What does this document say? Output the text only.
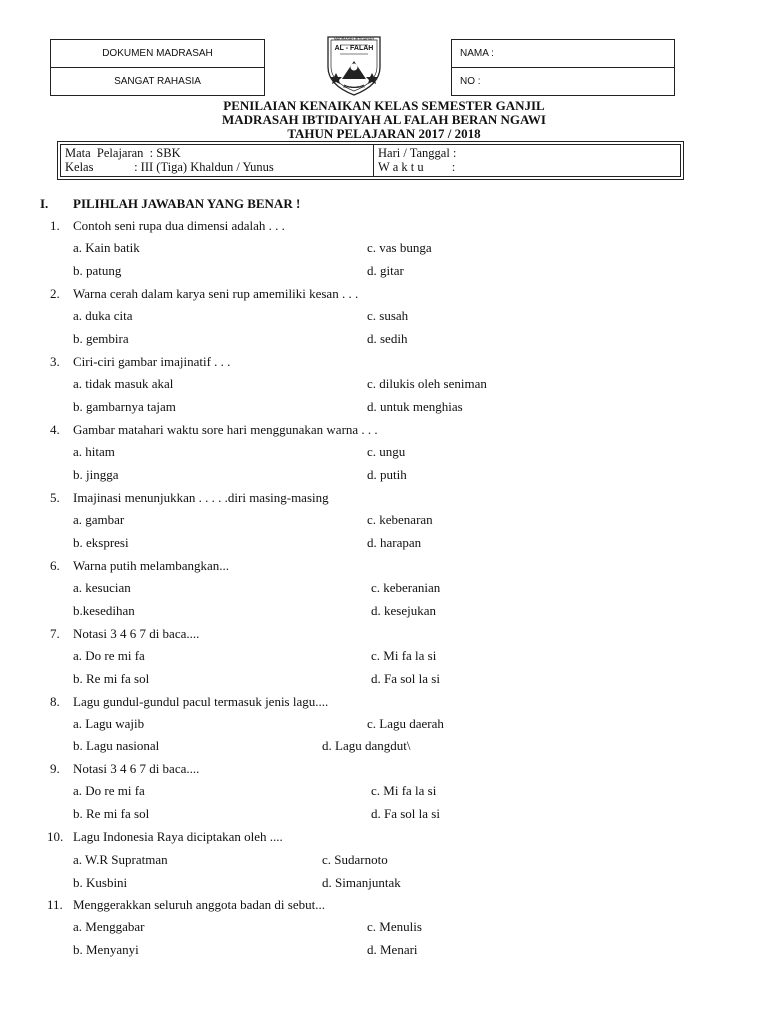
DOKUMEN MADRASAH
SANGAT RAHASIA
NAMA :
NO :
MADRASAH IBTIDAIYAH
AL - FALAH
BERAN NGAWI
PENILAIAN KENAIKAN KELAS SEMESTER GANJIL
MADRASAH IBTIDAIYAH AL FALAH BERAN NGAWI
TAHUN PELAJARAN 2017 / 2018
Mata  Pelajaran  : SBK
Kelas             : III (Tiga) Khaldun / Yunus
Hari / Tanggal :
W a k t u         :
I. PILIHLAH JAWABAN YANG BENAR !
1. Contoh seni rupa dua dimensi adalah . . .
a. Kain batik	c. vas bunga
b. patung	d. gitar
2. Warna cerah dalam karya seni rup amemiliki kesan . . .
a. duka cita	c. susah
b. gembira	d. sedih
3. Ciri-ciri gambar imajinatif . . .
a. tidak masuk akal	c. dilukis oleh seniman
b. gambarnya tajam	d. untuk menghias
4. Gambar matahari waktu sore hari menggunakan warna . . .
a. hitam	c. ungu
b. jingga	d. putih
5. Imajinasi menunjukkan . . . . .diri masing-masing
a. gambar	c. kebenaran
b. ekspresi	d. harapan
6. Warna putih melambangkan...
a. kesucian	c. keberanian
b.kesedihan	d. kesejukan
7. Notasi 3 4 6 7 di baca....
a. Do re mi fa	c. Mi fa la si
b. Re mi fa sol	d. Fa sol la si
8. Lagu gundul-gundul pacul termasuk jenis lagu....
a. Lagu wajib	c. Lagu daerah
b. Lagu nasional	d. Lagu dangdut\
9. Notasi 3 4 6 7 di baca....
a. Do re mi fa	c. Mi fa la si
b. Re mi fa sol	d. Fa sol la si
10. Lagu Indonesia Raya diciptakan oleh ....
a. W.R Supratman	c. Sudarnoto
b. Kusbini	d. Simanjuntak
11. Menggerakkan seluruh anggota badan di sebut...
a. Menggabar	c. Menulis
b. Menyanyi	d. Menari
